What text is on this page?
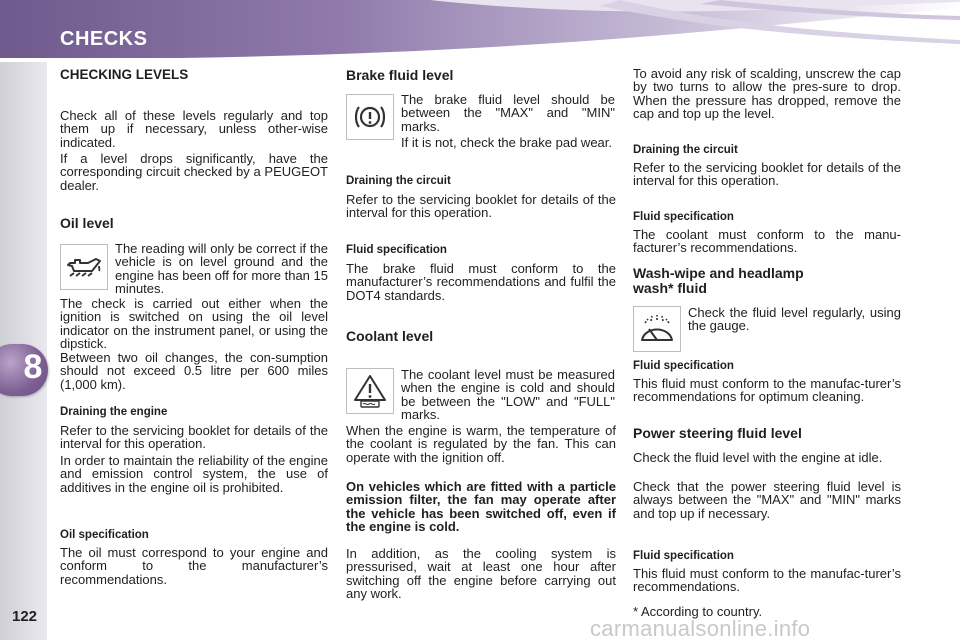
CHECKS
8
122
CHECKING LEVELS
Check all of these levels regularly and top them up if necessary, unless other-wise indicated.
If a level drops significantly, have the corresponding circuit checked by a PEUGEOT dealer.
Oil level
The reading will only be correct if the vehicle is on level ground and the engine has been off for more than 15 minutes.
The check is carried out either when the ignition is switched on using the oil level indicator on the instrument panel, or using the dipstick.
Between two oil changes, the con-sumption should not exceed 0.5 litre per 600 miles (1,000 km).
Draining the engine
Refer to the servicing booklet for details of the interval for this operation.
In order to maintain the reliability of the engine and emission control system, the use of additives in the engine oil is prohibited.
Oil specification
The oil must correspond to your engine and conform to the manufacturer’s recommendations.
Brake fluid level
The brake fluid level should be between the "MAX" and "MIN" marks.
If it is not, check the brake pad wear.
Draining the circuit
Refer to the servicing booklet for details of the interval for this operation.
Fluid specification
The brake fluid must conform to the manufacturer’s recommendations and fulfil the DOT4 standards.
Coolant level
The coolant level must be measured when the engine is cold and should be between the "LOW" and "FULL" marks.
When the engine is warm, the temperature of the coolant is regulated by the fan. This can operate with the ignition off.
On vehicles which are fitted with a particle emission filter, the fan may operate after the vehicle has been switched off, even if the engine is cold.
In addition, as the cooling system is pressurised, wait at least one hour after switching off the engine before carrying out any work.
To avoid any risk of scalding, unscrew the cap by two turns to allow the pres-sure to drop. When the pressure has dropped, remove the cap and top up the level.
Draining the circuit
Refer to the servicing booklet for details of the interval for this operation.
Fluid specification
The coolant must conform to the manu-facturer’s recommendations.
Wash-wipe and headlamp
wash* fluid
Check the fluid level regularly, using the gauge.
Fluid specification
This fluid must conform to the manufac-turer’s recommendations for optimum cleaning.
Power steering fluid level
Check the fluid level with the engine at idle.
Check that the power steering fluid level is always between the "MAX" and "MIN" marks and top up if necessary.
Fluid specification
This fluid must conform to the manufac-turer’s recommendations.
* According to country.
carmanualsonline.info
